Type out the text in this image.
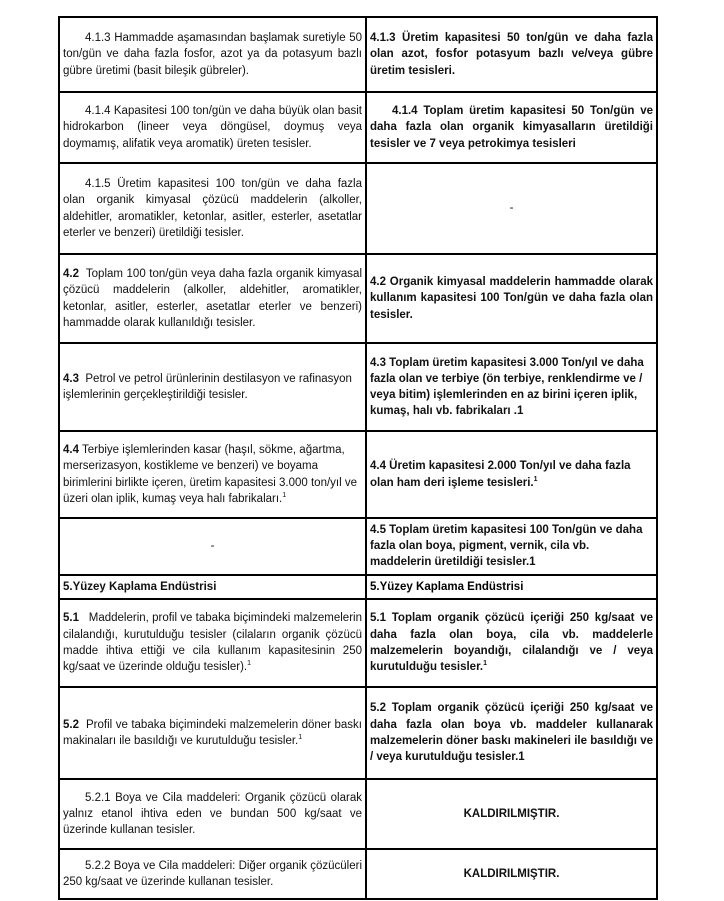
4.1.3 Hammadde aşamasından başlamak suretiyle 50 ton/gün ve daha fazla fosfor, azot ya da potasyum bazlı gübre üretimi (basit bileşik gübreler).	4.1.3 Üretim kapasitesi 50 ton/gün ve daha fazla olan azot, fosfor potasyum bazlı ve/veya gübre üretim tesisleri.
4.1.4 Kapasitesi 100 ton/gün ve daha büyük olan basit hidrokarbon (lineer veya döngüsel, doymuş veya doymamış, alifatik veya aromatik) üreten tesisler.	4.1.4 Toplam üretim kapasitesi 50 Ton/gün ve daha fazla olan organik kimyasalların üretildiği tesisler ve 7 veya petrokimya tesisleri
4.1.5 Üretim kapasitesi 100 ton/gün ve daha fazla olan organik kimyasal çözücü maddelerin (alkoller, aldehitler, aromatikler, ketonlar, asitler, esterler, asetatlar eterler ve benzeri) üretildiği tesisler.	-
4.2 Toplam 100 ton/gün veya daha fazla organik kimyasal çözücü maddelerin (alkoller, aldehitler, aromatikler, ketonlar, asitler, esterler, asetatlar eterler ve benzeri) hammadde olarak kullanıldığı tesisler.	4.2 Organik kimyasal maddelerin hammadde olarak kullanım kapasitesi 100 Ton/gün ve daha fazla olan tesisler.
4.3 Petrol ve petrol ürünlerinin destilasyon ve rafinasyon işlemlerinin gerçekleştirildiği tesisler.	4.3 Toplam üretim kapasitesi 3.000 Ton/yıl ve daha fazla olan ve terbiye (ön terbiye, renklendirme ve / veya bitim) işlemlerinden en az birini içeren iplik, kumaş, halı vb. fabrikaları .1
4.4 Terbiye işlemlerinden kasar (haşıl, sökme, ağartma, merserizasyon, kostikleme ve benzeri) ve boyama birimlerini birlikte içeren, üretim kapasitesi 3.000 ton/yıl ve üzeri olan iplik, kumaş veya halı fabrikaları.$^1$	4.4 Üretim kapasitesi 2.000 Ton/yıl ve daha fazla olan ham deri işleme tesisleri.$^1$
-	4.5 Toplam üretim kapasitesi 100 Ton/gün ve daha fazla olan boya, pigment, vernik, cila vb. maddelerin üretildiği tesisler.1
5.Yüzey Kaplama Endüstrisi	5.Yüzey Kaplama Endüstrisi
5.1 Maddelerin, profil ve tabaka biçimindeki malzemelerin cilalandığı, kurutulduğu tesisler (cilaların organik çözücü madde ihtiva ettiği ve cila kullanım kapasitesinin 250 kg/saat ve üzerinde olduğu tesisler).$^1$	5.1 Toplam organik çözücü içeriği 250 kg/saat ve daha fazla olan boya, cila vb. maddelerle malzemelerin boyandığı, cilalandığı ve / veya kurutulduğu tesisler.$^1$
5.2 Profil ve tabaka biçimindeki malzemelerin döner baskı makinaları ile basıldığı ve kurutulduğu tesisler.$^1$	5.2 Toplam organik çözücü içeriği 250 kg/saat ve daha fazla olan boya vb. maddeler kullanarak malzemelerin döner baskı makineleri ile basıldığı ve / veya kurutulduğu tesisler.1
5.2.1 Boya ve Cila maddeleri: Organik çözücü olarak yalnız etanol ihtiva eden ve bundan 500 kg/saat ve üzerinde kullanan tesisler.	KALDIRILMIŞTIR.
5.2.2 Boya ve Cila maddeleri: Diğer organik çözücüleri 250 kg/saat ve üzerinde kullanan tesisler.	KALDIRILMIŞTIR.
